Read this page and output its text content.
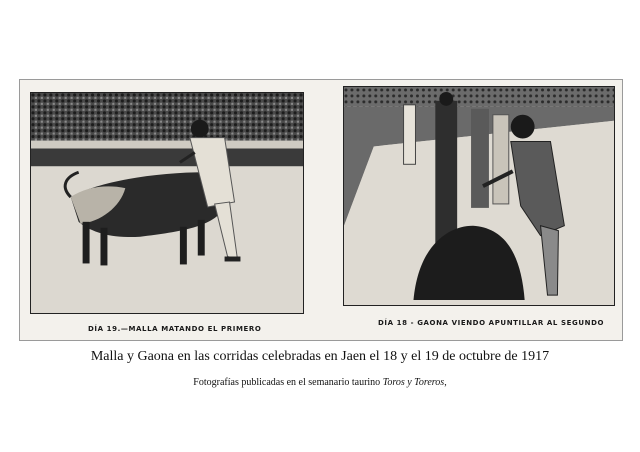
DÍA 19.—MALLA MATANDO EL PRIMERO
DÍA 18 - GAONA VIENDO APUNTILLAR AL SEGUNDO
Malla y Gaona en las corridas celebradas en Jaen el 18 y el 19 de octubre de 1917
Fotografías publicadas en el semanario taurino Toros y Toreros,
